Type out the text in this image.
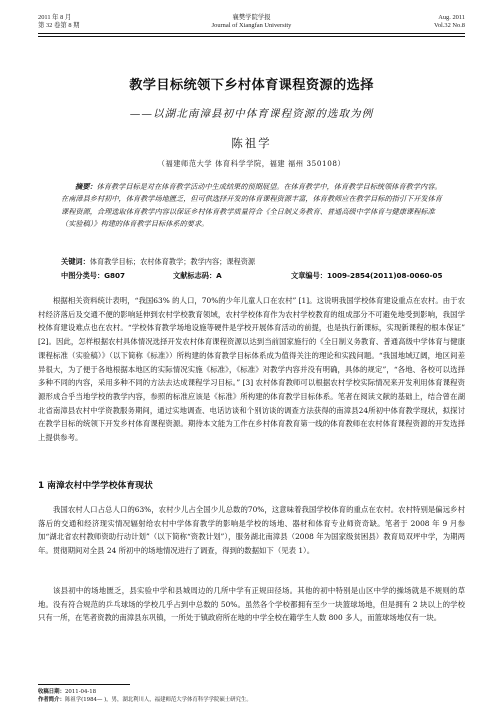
2011 年 8 月
第 32 卷第 8 期
襄樊学院学报
Journal of Xiangfan University
Aug. 2011
Vol.32 No.8
教学目标统领下乡村体育课程资源的选择
——以湖北南漳县初中体育课程资源的选取为例
陈祖学
（福建师范大学 体育科学学院，福建 福州 350108）
摘要：体育教学目标是对在体育教学活动中生成结果的预期展望。在体育教学中，体育教学目标统领体育教学内容。在南漳县乡村初中，体育教学场地匮乏，但可供选择开发的体育课程资源丰富，体育教师应在教学目标的指引下开发体育课程资源，合理选取体育教学内容以保证乡村体育教学质量符合《全日制义务教育、普通高级中学体育与健康课程标准（实验稿）》构建的体育教学目标体系的要求。
关键词：体育教学目标；农村体育教学；教学内容；课程资源
中图分类号：G807	文献标志码：A	文章编号：1009-2854(2011)08-0060-05
根据相关资料统计表明，“我国63% 的人口，70%的少年儿童人口在农村” [1]。这说明我国学校体育建设重点在农村。由于农村经济落后及交通不便的影响延伸到农村学校教育领域，农村学校体育作为农村学校教育的组成部分不可避免地受到影响，我国学校体育建设难点也在农村。“学校体育教学场地设施等硬件是学校开展体育活动的前提，也是执行新课标，实现新课程的根本保证” [2]。因此，怎样根据农村具体情况选择开发农村体育课程资源以达到当前国家施行的《全日制义务教育、普通高级中学体育与健康课程标准（实验稿）》（以下简称《标准》）所构建的体育教学目标体系成为值得关注的理论和实践问题。“我国地域辽阔，地区间差异很大，为了便于各地根据本地区的实际情况实施《标准》，《标准》对教学内容并没有明确，具体的规定”，“各地、各校可以选择多种不同的内容，采用多种不同的方法去达成课程学习目标。” [3] 农村体育教师可以根据农村学校实际情况来开发利用体育课程资源形成合乎当地学校的教学内容，参照的标准应该是《标准》所构建的体育教学目标体系。笔者在阅读文献的基础上，结合曾在湖北省南漳县农村中学资教服务期间，通过实地调查、电话访谈和个别访谈的调查方法获得的南漳县24所初中体育教学现状，拟探讨在教学目标的统领下开发乡村体育课程资源。期待本文能为工作在乡村体育教育第一线的体育教师在农村体育课程资源的开发选择上提供参考。
1 南漳农村中学学校体育现状
我国农村人口占总人口的63%，农村少儿占全国少儿总数的70%，这意味着我国学校体育的重点在农村。农村特别是偏远乡村落后的交通和经济现实情况辐射给农村中学体育教学的影响是学校的场地、器材和体育专业师资奇缺。笔者于 2008 年 9 月参加“湖北省农村教师资助行动计划”（以下简称“资教计划”），服务湖北南漳县（2008 年为国家级贫困县）教育局双坪中学，为期两年。贯彻期间对全县 24 所初中的场地情况进行了调查，得到的数据如下（见表 1）。
该县初中的场地匮乏，县实验中学和县城周边的几所中学有正规田径场。其他的初中特别是山区中学的操场就是不规则的草地。没有符合规范的乒乓球场的学校几乎占到中总数的 50%。虽然各个学校都拥有至少一块篮球场地，但是拥有 2 块以上的学校只有一所，在笔者资教的南漳县东巩镇，一所处于镇政府所在地的中学全校在籍学生人数 800 多人，而篮球场地仅有一块。
收稿日期：2011-04-18
作者简介：陈祖学(1984— )，男，湖北利川人，福建师范大学体育科学学院硕士研究生。
